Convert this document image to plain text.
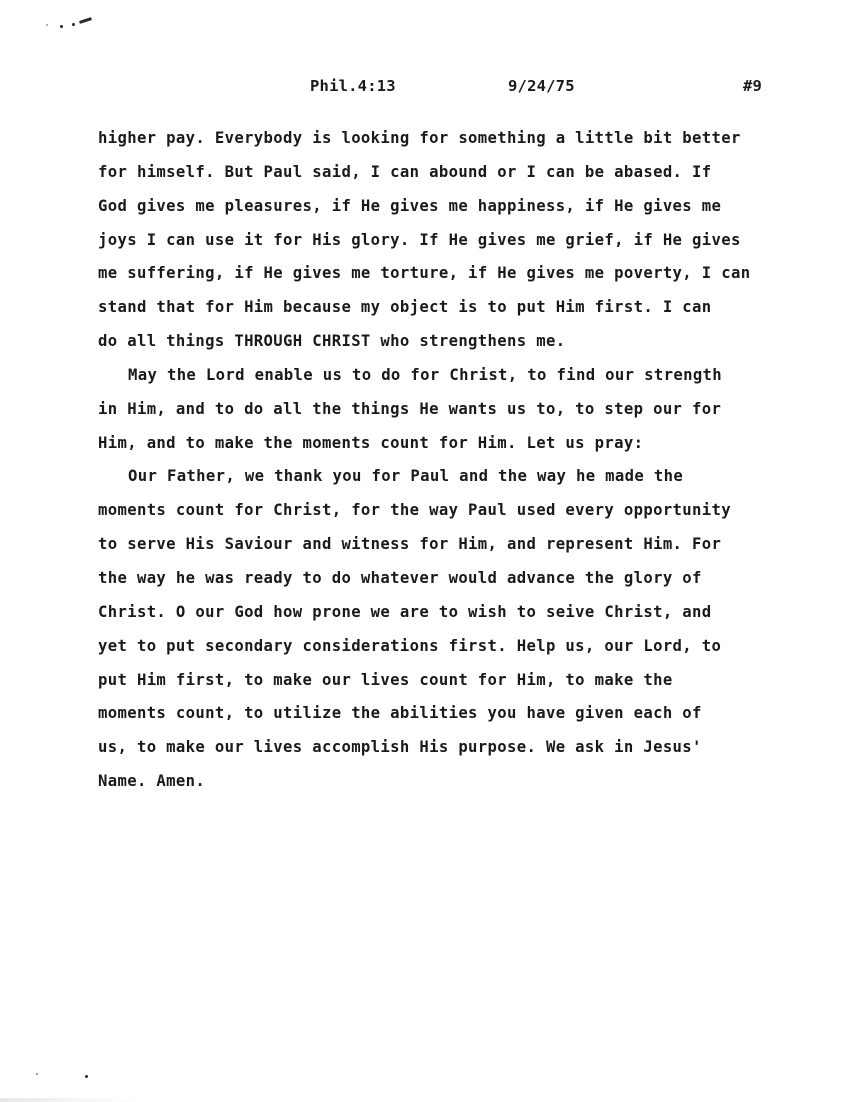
Phil.4:13	9/24/75	#9
higher pay. Everybody is looking for something a little bit better
for himself. But Paul said, I can abound or I can be abased. If
God gives me pleasures, if He gives me happiness, if He gives me
joys I can use it for His glory. If He gives me grief, if He gives
me suffering, if He gives me torture, if He gives me poverty, I can
stand that for Him because my object is to put Him first. I can
do all things THROUGH CHRIST who strengthens me.
May the Lord enable us to do for Christ, to find our strength
in Him, and to do all the things He wants us to, to step our for
Him, and to make the moments count for Him. Let us pray:
Our Father, we thank you for Paul and the way he made the
moments count for Christ, for the way Paul used every opportunity
to serve His Saviour and witness for Him, and represent Him. For
the way he was ready to do whatever would advance the glory of
Christ. O our God how prone we are to wish to seive Christ, and
yet to put secondary considerations first. Help us, our Lord, to
put Him first, to make our lives count for Him, to make the
moments count, to utilize the abilities you have given each of
us, to make our lives accomplish His purpose. We ask in Jesus'
Name. Amen.
